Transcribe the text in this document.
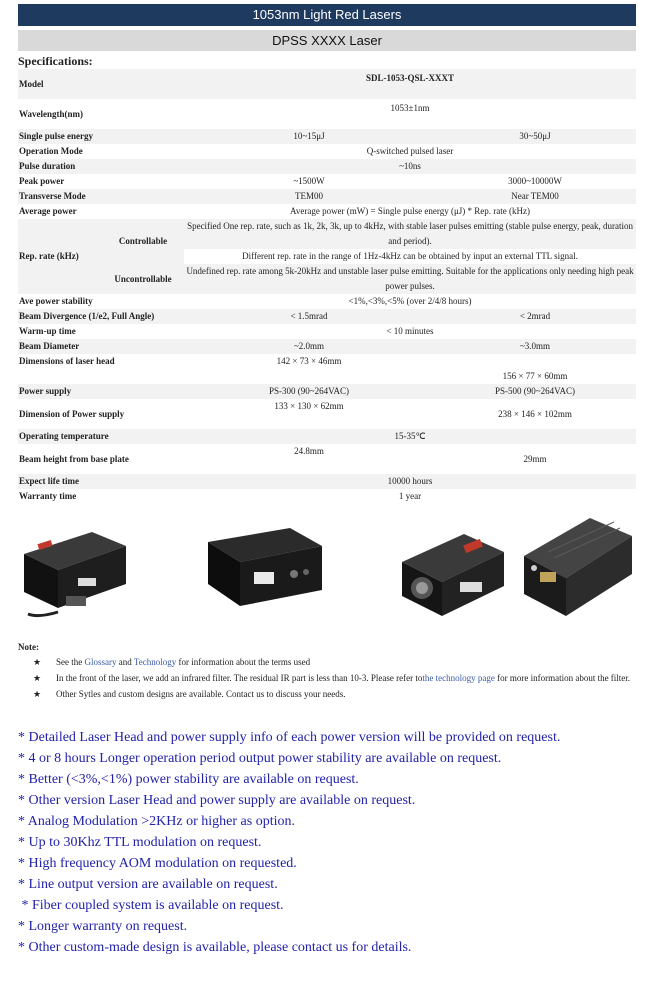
1053nm Light Red Lasers
DPSS XXXX Laser
Specifications:
Model		SDL-1053-QSL-XXXT	
Wavelength(nm)		1053±1nm	
Single pulse energy		10~15μJ	30~50μJ
Operation Mode		Q-switched pulsed laser	
Pulse duration		~10ns	
Peak power		~1500W	3000~10000W
Transverse Mode		TEM00	Near TEM00
Average power		Average power (mW) = Single pulse energy (μJ) * Rep. rate (kHz)	
Rep. rate (kHz)	Controllable	Specified One rep. rate, such as 1k, 2k, 3k, up to 4kHz, with stable laser pulses emitting (stable pulse energy, peak, duration and period).	
		Different rep. rate in the range of 1Hz-4kHz can be obtained by input an external TTL signal.	
	Uncontrollable	Undefined rep. rate among 5k-20kHz and unstable laser pulse emitting. Suitable for the applications only needing high peak power pulses.	
Ave power stability		<1%,<3%,<5% (over 2/4/8 hours)	
Beam Divergence (1/e2, Full Angle)		< 1.5mrad	< 2mrad
Warm-up time		< 10 minutes	
Beam Diameter		~2.0mm	~3.0mm
Dimensions of laser head		142 × 73 × 46mm	156 × 77 × 60mm
Power supply		PS-300 (90~264VAC)	PS-500 (90~264VAC)
Dimension of Power supply		133 × 130 × 62mm	238 × 146 × 102mm
Operating temperature		15-35℃	
Beam height from base plate		24.8mm	29mm
Expect life time		10000 hours	
Warranty time		1 year	
Note:
★ See the Glossary and Technology for information about the terms used
★ In the front of the laser, we add an infrared filter. The residual IR part is less than 10-3. Please refer tothe technology page for more information about the filter.
★ Other Sytles and custom designs are available. Contact us to discuss your needs.
* Detailed Laser Head and power supply info of each power version will be provided on request.
* 4 or 8 hours Longer operation period output power stability are available on request.
* Better (<3%,<1%) power stability are available on request.
* Other version Laser Head and power supply are available on request.
* Analog Modulation >2KHz or higher as option.
* Up to 30Khz TTL modulation on request.
* High frequency AOM modulation on requested.
* Line output version are available on request.
* Fiber coupled system is available on request.
* Longer warranty on request.
* Other custom-made design is available, please contact us for details.
